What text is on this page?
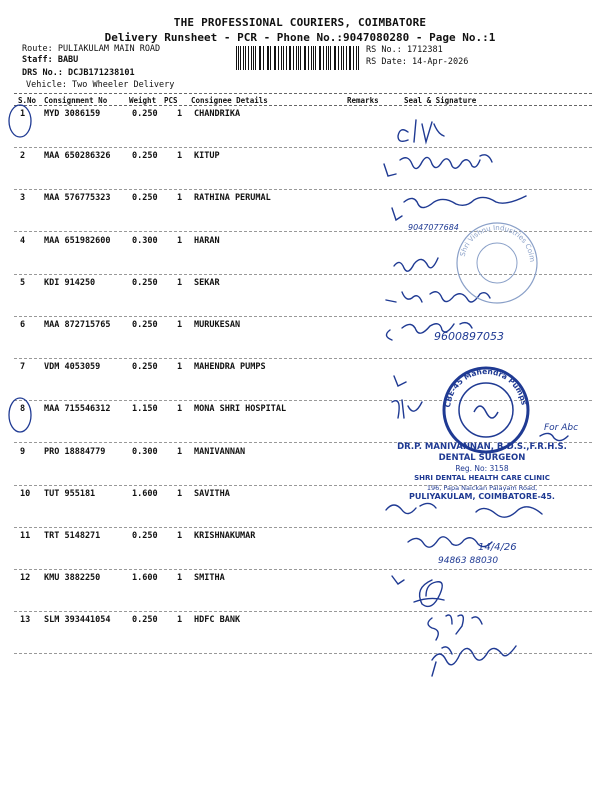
THE PROFESSIONAL COURIERS, COIMBATORE
Delivery Runsheet - PCR - Phone No.:9047080280 - Page No.:1
Route: PULIAKULAM MAIN ROAD
Staff: BABU
DRS No.: DCJB171238101
Vehicle: Two Wheeler Delivery
RS No.: 1712381
RS Date: 14-Apr-2026
S.No Consignment No	Weight PCS Consignee Details	Remarks	Seal & Signature
1 MYD 3086159	0.250 1 CHANDRIKA
2 MAA 650286326	0.250 1 KITUP
3 MAA 576775323	0.250 1 RATHINA PERUMAL
4 MAA 651982600	0.300 1 HARAN
5 KDI 914250	0.250 1 SEKAR
6 MAA 872715765	0.250 1 MURUKESAN
7 VDM 4053059	0.250 1 MAHENDRA PUMPS
8 MAA 715546312	1.150 1 MONA SHRI HOSPITAL
9 PRO 18884779	0.300 1 MANIVANNAN
10 TUT 955181	1.600 1 SAVITHA
11 TRT 5148271	0.250 1 KRISHNAKUMAR
12 KMU 3882250	1.600 1 SMITHA
13 SLM 393441054	0.250 1 HDFC BANK
9600897053
For Abc
14/4/26
94863 88030
9047077684
Shri Vishnu Industries Coimbatore
CBE-45 Mahendra Pumps Pvt. Ltd.
DR.P. MANIVANNAN, B.D.S.,F.R.H.S.
DENTAL SURGEON
Reg. No: 3158
SHRI DENTAL HEALTH CARE CLINIC
196, Papa Naickan Palayam Road,
PULIYAKULAM, COIMBATORE-45.
